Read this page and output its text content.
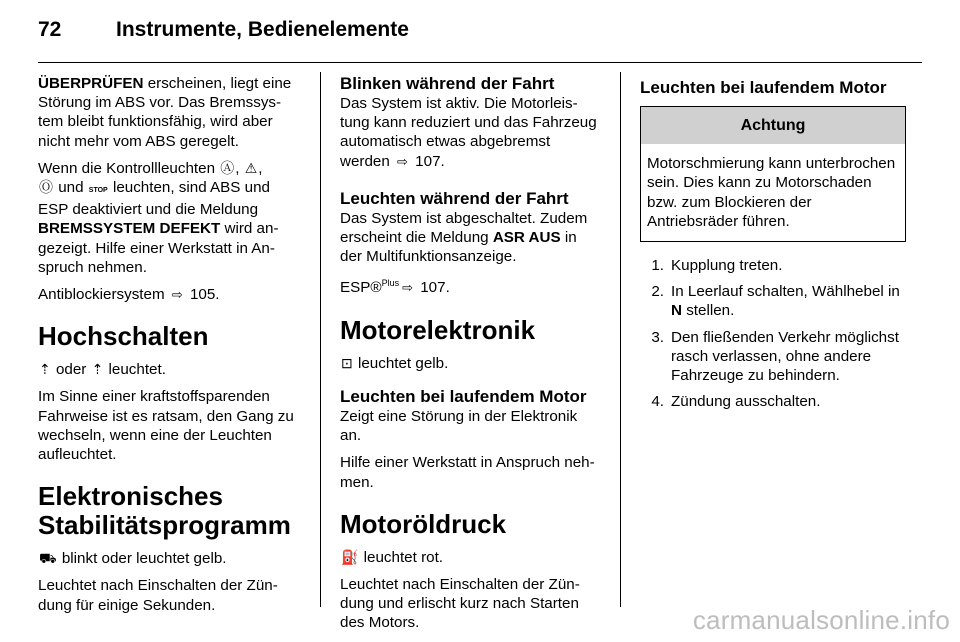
72	Instrumente, Bedienelemente

ÜBERPRÜFEN erscheinen, liegt eine Störung im ABS vor. Das Bremssystem bleibt funktionsfähig, wird aber nicht mehr vom ABS geregelt.

Wenn die Kontrollleuchten Ⓐ, ⚠,
Ⓞ und STOP leuchten, sind ABS und ESP deaktiviert und die Meldung BREMSSYSTEM DEFEKT wird angezeigt. Hilfe einer Werkstatt in Anspruch nehmen.

Antiblockiersystem ⇨ 105.

Hochschalten

⇡ oder ⇡ leuchtet.

Im Sinne einer kraftstoffsparenden Fahrweise ist es ratsam, den Gang zu wechseln, wenn eine der Leuchten aufleuchtet.

Elektronisches
Stabilitätsprogramm

⛟ blinkt oder leuchtet gelb.

Leuchtet nach Einschalten der Zündung für einige Sekunden.

Blinken während der Fahrt

Das System ist aktiv. Die Motorleistung kann reduziert und das Fahrzeug automatisch etwas abgebremst werden ⇨ 107.

Leuchten während der Fahrt

Das System ist abgeschaltet. Zudem erscheint die Meldung ASR AUS in der Multifunktionsanzeige.

ESP®$^{Plus}$ ⇨ 107.

Motorelektronik

⊡ leuchtet gelb.

Leuchten bei laufendem Motor

Zeigt eine Störung in der Elektronik an.

Hilfe einer Werkstatt in Anspruch nehmen.

Motoröldruck

⛽ leuchtet rot.

Leuchtet nach Einschalten der Zündung und erlischt kurz nach Starten des Motors.

Leuchten bei laufendem Motor
Achtung
Motorschmierung kann unterbrochen sein. Dies kann zu Motorschaden bzw. zum Blockieren der Antriebsräder führen.
1. Kupplung treten.
2. In Leerlauf schalten, Wählhebel in N stellen.
3. Den fließenden Verkehr möglichst rasch verlassen, ohne andere Fahrzeuge zu behindern.
4. Zündung ausschalten.
carmanualsonline.info
